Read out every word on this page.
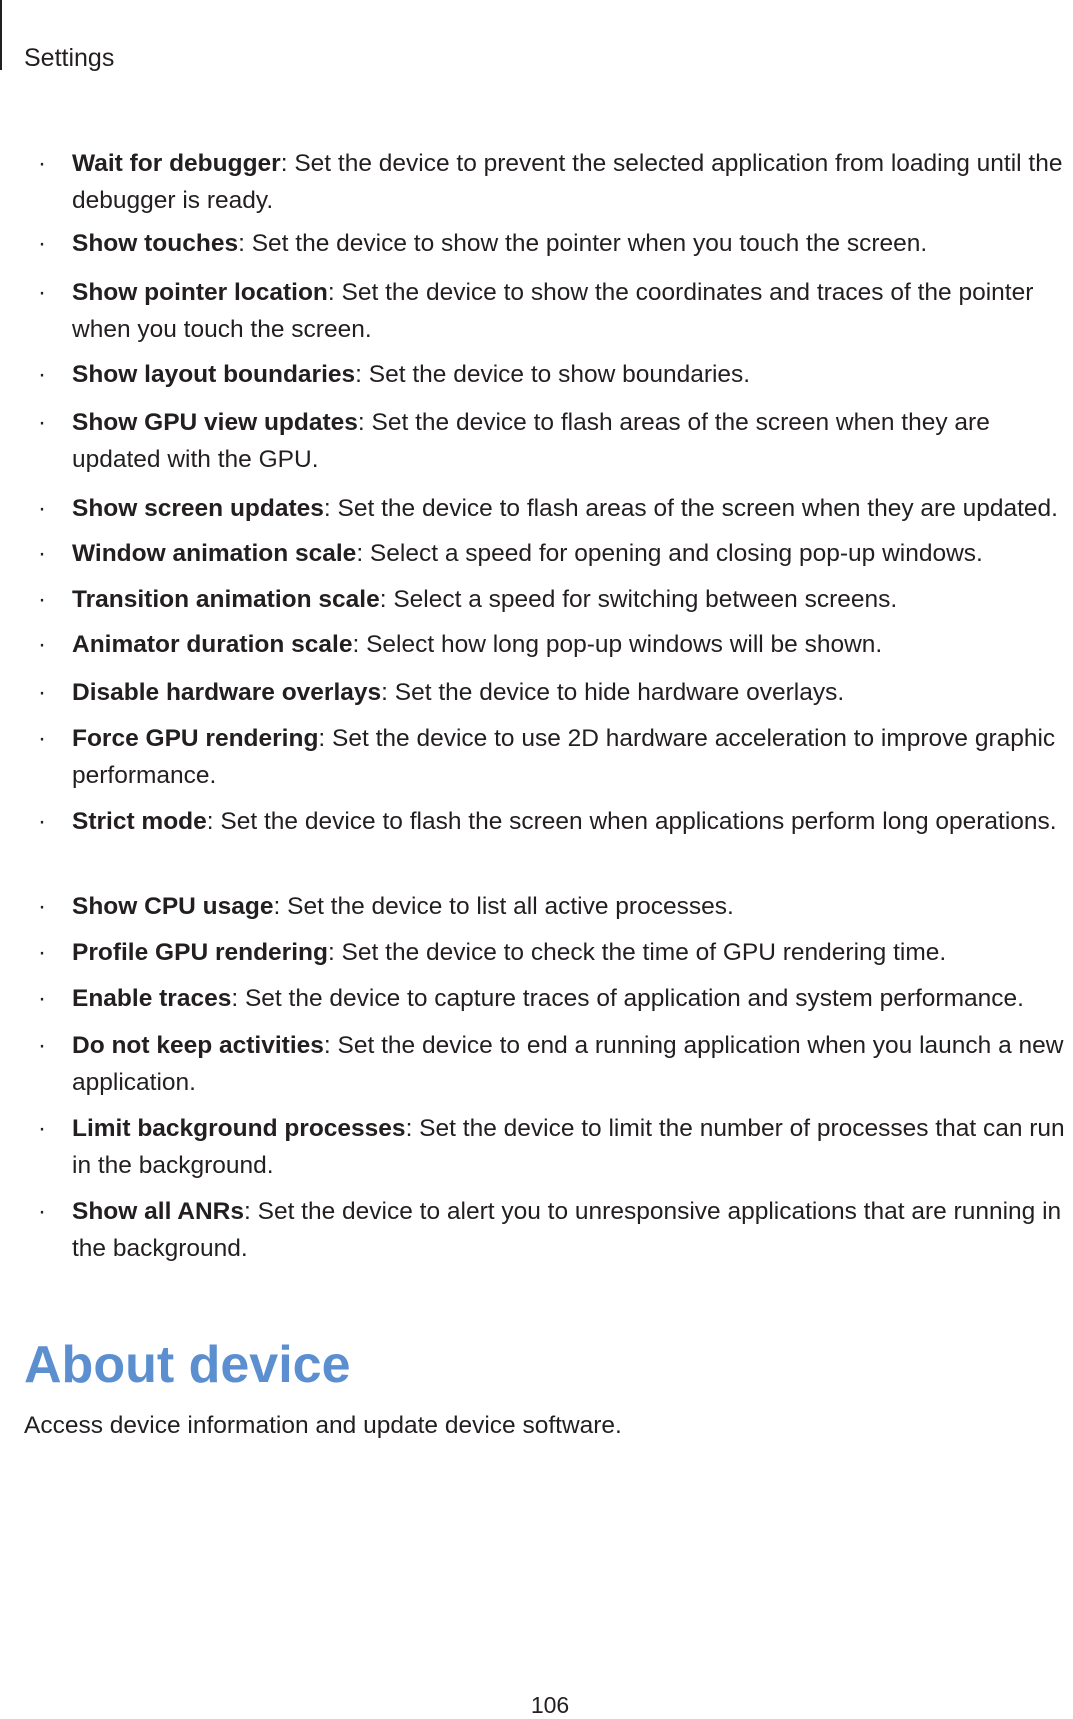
Settings
· Wait for debugger: Set the device to prevent the selected application from loading until the debugger is ready.
· Show touches: Set the device to show the pointer when you touch the screen.
· Show pointer location: Set the device to show the coordinates and traces of the pointer when you touch the screen.
· Show layout boundaries: Set the device to show boundaries.
· Show GPU view updates: Set the device to flash areas of the screen when they are updated with the GPU.
· Show screen updates: Set the device to flash areas of the screen when they are updated.
· Window animation scale: Select a speed for opening and closing pop-up windows.
· Transition animation scale: Select a speed for switching between screens.
· Animator duration scale: Select how long pop-up windows will be shown.
· Disable hardware overlays: Set the device to hide hardware overlays.
· Force GPU rendering: Set the device to use 2D hardware acceleration to improve graphic performance.
· Strict mode: Set the device to flash the screen when applications perform long operations.
· Show CPU usage: Set the device to list all active processes.
· Profile GPU rendering: Set the device to check the time of GPU rendering time.
· Enable traces: Set the device to capture traces of application and system performance.
· Do not keep activities: Set the device to end a running application when you launch a new application.
· Limit background processes: Set the device to limit the number of processes that can run in the background.
· Show all ANRs: Set the device to alert you to unresponsive applications that are running in the background.
About device

Access device information and update device software.

106
